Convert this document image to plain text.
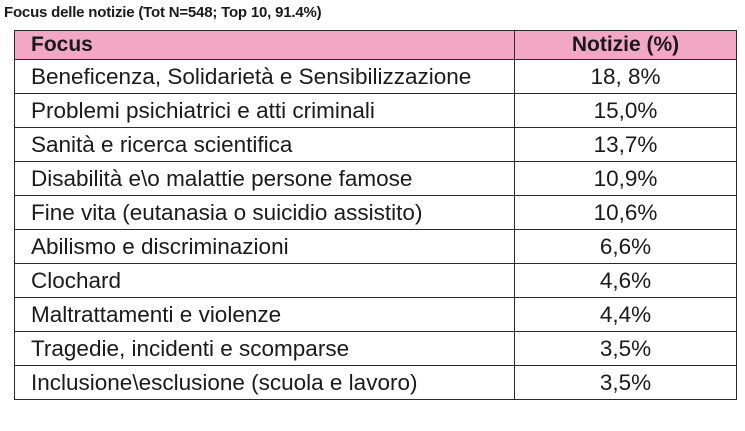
Focus delle notizie (Tot N=548; Top 10, 91.4%)
Focus	Notizie (%)
Beneficenza, Solidarietà e Sensibilizzazione	18, 8%
Problemi psichiatrici e atti criminali	15,0%
Sanità e ricerca scientifica	13,7%
Disabilità e\o malattie persone famose	10,9%
Fine vita (eutanasia o suicidio assistito)	10,6%
Abilismo e discriminazioni	6,6%
Clochard	4,6%
Maltrattamenti e violenze	4,4%
Tragedie, incidenti e scomparse	3,5%
Inclusione\esclusione (scuola e lavoro)	3,5%
